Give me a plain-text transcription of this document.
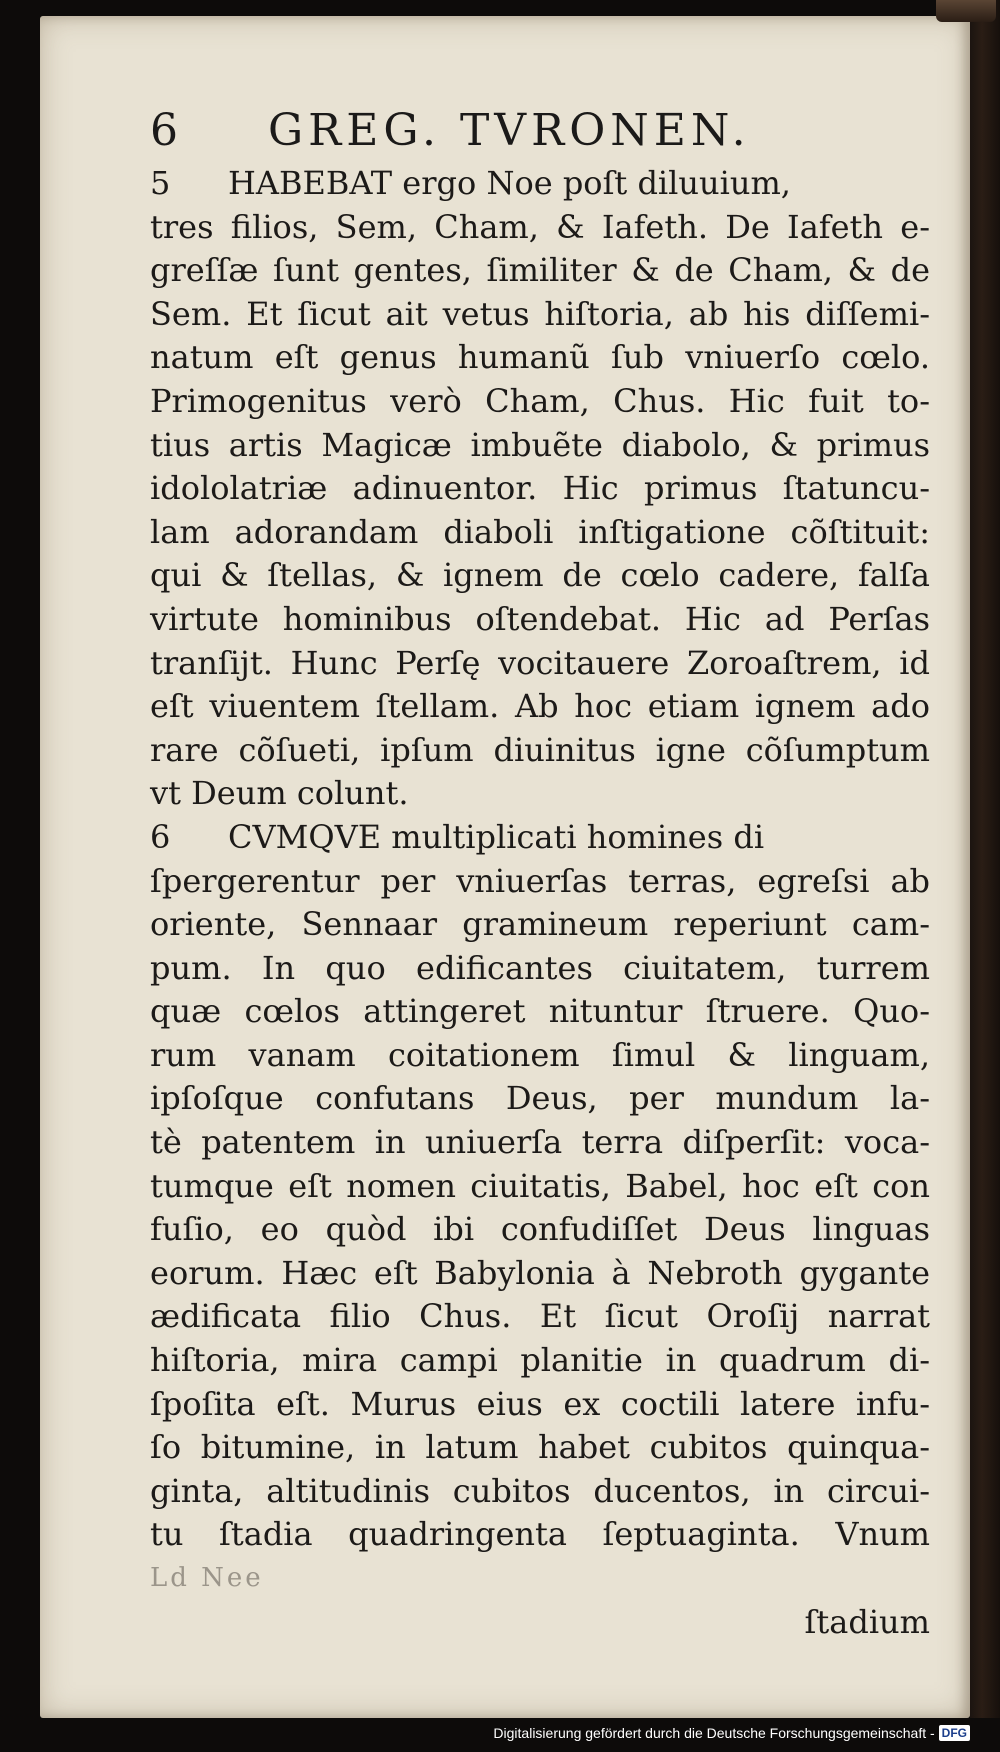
6 GREG. TVRONEN.
5 HABEBAT ergo Noe poſt diluuium,
tres filios, Sem, Cham, & Iafeth. De Iafeth e-
greſſæ ſunt gentes, ſimiliter & de Cham, & de
Sem. Et ſicut ait vetus hiſtoria, ab his diſſemi-
natum eſt genus humanũ ſub vniuerſo cœlo.
Primogenitus verò Cham, Chus. Hic fuit to-
tius artis Magicæ imbuẽte diabolo, & primus
idololatriæ adinuentor. Hic primus ſtatuncu-
lam adorandam diaboli inſtigatione cõſtituit:
qui & ſtellas, & ignem de cœlo cadere, falſa
virtute hominibus oſtendebat. Hic ad Perſas
tranſijt. Hunc Perſę vocitauere Zoroaſtrem, id
eſt viuentem ſtellam. Ab hoc etiam ignem ado
rare cõſueti, ipſum diuinitus igne cõſumptum
vt Deum colunt.
6 CVMQVE multiplicati homines di
ſpergerentur per vniuerſas terras, egreſsi ab
oriente, Sennaar gramineum reperiunt cam-
pum. In quo edificantes ciuitatem, turrem
quæ cœlos attingeret nituntur ſtruere. Quo-
rum vanam coitationem ſimul & linguam,
ipſoſque confutans Deus, per mundum la-
tè patentem in uniuerſa terra diſperſit: voca-
tumque eſt nomen ciuitatis, Babel, hoc eſt con
fuſio, eo quòd ibi confudiſſet Deus linguas
eorum. Hæc eſt Babylonia à Nebroth gygante
ædificata filio Chus. Et ſicut Oroſij narrat
hiſtoria, mira campi planitie in quadrum di-
ſpoſita eſt. Murus eius ex coctili latere infu-
ſo bitumine, in latum habet cubitos quinqua-
ginta, altitudinis cubitos ducentos, in circui-
tu ſtadia quadringenta ſeptuaginta. Vnum
Ld Nee
ſtadium
Digitalisierung gefördert durch die Deutsche Forschungsgemeinschaft - DFG
